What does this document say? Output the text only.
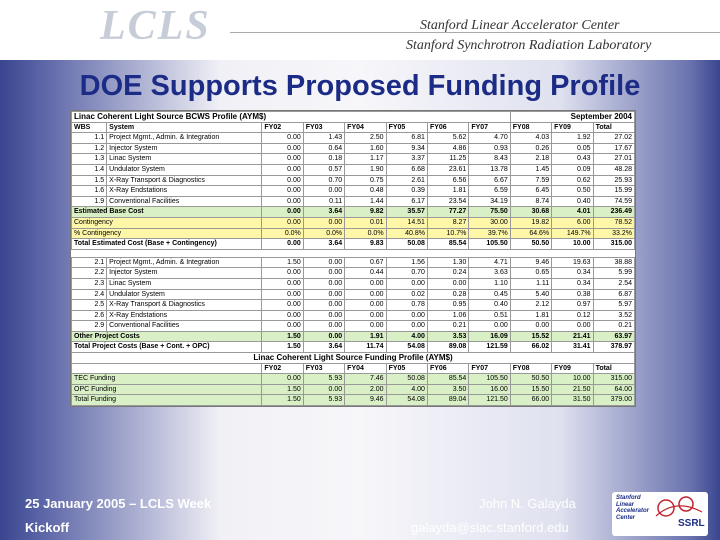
LCLS	Stanford Linear Accelerator Center
Stanford Synchrotron Radiation Laboratory
DOE Supports Proposed Funding Profile
Linac Coherent Light Source BCWS Profile (AYM$)								September 2004		
WBS	System	FY02	FY03	FY04	FY05	FY06	FY07	FY08	FY09	Total
1.1	Project Mgmt., Admin. & Integration	0.00	1.43	2.50	6.81	5.62	4.70	4.03	1.92	27.02
1.2	Injector System	0.00	0.64	1.60	9.34	4.86	0.93	0.26	0.05	17.67
1.3	Linac System	0.00	0.18	1.17	3.37	11.25	8.43	2.18	0.43	27.01
1.4	Undulator System	0.00	0.57	1.90	6.68	23.61	13.78	1.45	0.09	48.28
1.5	X-Ray Transport & Diagnostics	0.00	0.70	0.75	2.61	6.56	6.67	7.59	0.62	25.93
1.6	X-Ray Endstations	0.00	0.00	0.48	0.39	1.81	6.59	6.45	0.50	15.99
1.9	Conventional Facilities	0.00	0.11	1.44	6.17	23.54	34.19	8.74	0.40	74.59
Estimated Base Cost		0.00	3.64	9.82	35.57	77.27	75.50	30.68	4.01	236.49
Contingency		0.00	0.00	0.01	14.51	8.27	30.00	19.82	6.00	78.52
% Contingency		0.0%	0.0%	0.0%	40.8%	10.7%	39.7%	64.6%	149.7%	33.2%
Total Estimated Cost (Base + Contingency)		0.00	3.64	9.83	50.08	85.54	105.50	50.50	10.00	315.00

2.1	Project Mgmt., Admin. & Integration	1.50	0.00	0.67	1.56	1.30	4.71	9.46	19.63	38.88
2.2	Injector System	0.00	0.00	0.44	0.70	0.24	3.63	0.65	0.34	5.99
2.3	Linac System	0.00	0.00	0.00	0.00	0.00	1.10	1.11	0.34	2.54
2.4	Undulator System	0.00	0.00	0.00	0.02	0.28	0.45	5.40	0.38	6.87
2.5	X-Ray Transport & Diagnostics	0.00	0.00	0.00	0.78	0.95	0.40	2.12	0.97	5.97
2.6	X-Ray Endstations	0.00	0.00	0.00	0.00	1.06	0.51	1.81	0.12	3.52
2.9	Conventional Facilities	0.00	0.00	0.00	0.00	0.21	0.00	0.00	0.00	0.21
Other Project Costs		1.50	0.00	1.91	4.00	3.53	16.09	15.52	21.41	63.97
Total Project Costs (Base + Cont. + OPC)		1.50	3.64	11.74	54.08	89.08	121.59	66.02	31.41	378.97
Linac Coherent Light Source Funding Profile (AYM$)										
		FY02	FY03	FY04	FY05	FY06	FY07	FY08	FY09	Total
TEC Funding		0.00	5.93	7.46	50.08	85.54	105.50	50.50	10.00	315.00
OPC Funding		1.50	0.00	2.00	4.00	3.50	16.00	15.50	21.50	64.00
Total Funding		1.50	5.93	9.46	54.08	89.04	121.50	66.00	31.50	379.00
25 January 2005 – LCLS Week
Kickoff
John N. Galayda
galayda@slac.stanford.edu
Stanford
Linear
Accelerator
Center
SSRL
